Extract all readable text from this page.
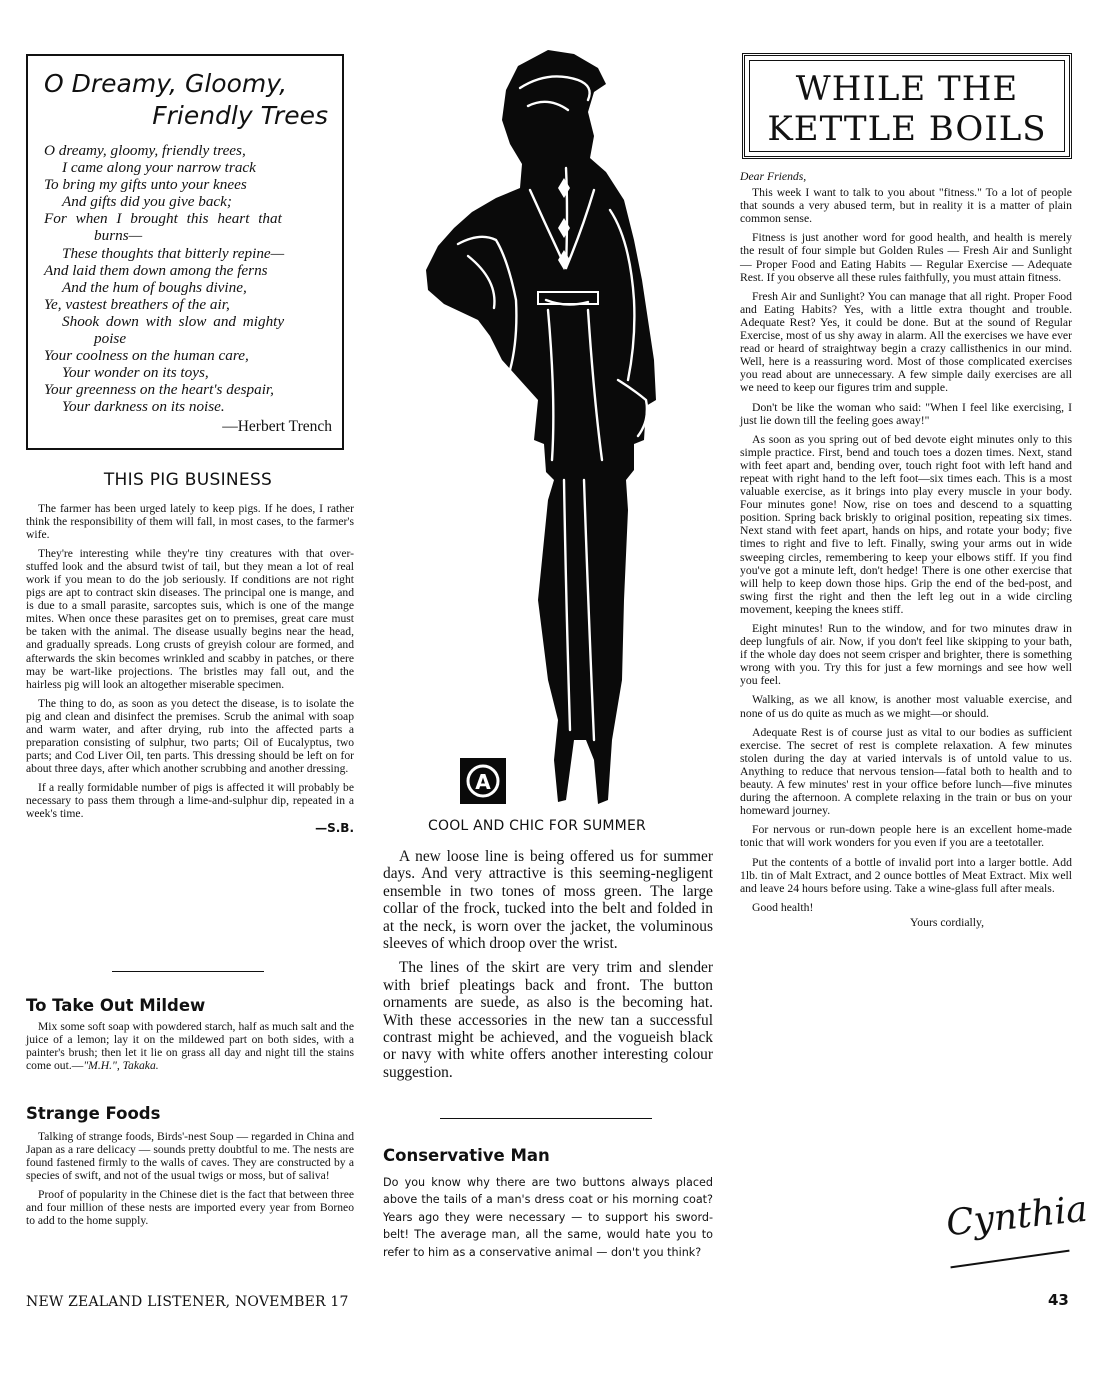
O Dreamy, Gloomy,
Friendly Trees
O dreamy, gloomy, friendly trees,
I came along your narrow track
To bring my gifts unto your knees
And gifts did you give back;
For when I brought this heart that
burns—
These thoughts that bitterly repine—
And laid them down among the ferns
And the hum of boughs divine,
Ye, vastest breathers of the air,
Shook down with slow and mighty
poise
Your coolness on the human care,
Your wonder on its toys,
Your greenness on the heart's despair,
Your darkness on its noise.
—Herbert Trench
THIS PIG BUSINESS

The farmer has been urged lately to keep pigs. If he does, I rather think the responsibility of them will fall, in most cases, to the farmer's wife.

They're interesting while they're tiny creatures with that over-stuffed look and the absurd twist of tail, but they mean a lot of real work if you mean to do the job seriously. If conditions are not right pigs are apt to contract skin diseases. The principal one is mange, and is due to a small parasite, sarcoptes suis, which is one of the mange mites. When once these parasites get on to premises, great care must be taken with the animal. The disease usually begins near the head, and gradually spreads. Long crusts of greyish colour are formed, and afterwards the skin becomes wrinkled and scabby in patches, or there may be wart-like projections. The bristles may fall out, and the hairless pig will look an altogether miserable specimen.

The thing to do, as soon as you detect the disease, is to isolate the pig and clean and disinfect the premises. Scrub the animal with soap and warm water, and after drying, rub into the affected parts a preparation consisting of sulphur, two parts; Oil of Eucalyptus, two parts; and Cod Liver Oil, ten parts. This dressing should be left on for about three days, after which another scrubbing and another dressing.

If a really formidable number of pigs is affected it will probably be necessary to pass them through a lime-and-sulphur dip, repeated in a week's time.

—S.B.
To Take Out Mildew

Mix some soft soap with powdered starch, half as much salt and the juice of a lemon; lay it on the mildewed part on both sides, with a painter's brush; then let it lie on grass all day and night till the stains come out.—"M.H.", Takaka.

Strange Foods

Talking of strange foods, Birds'-nest Soup — regarded in China and Japan as a rare delicacy — sounds pretty doubtful to me. The nests are found fastened firmly to the walls of caves. They are constructed by a species of swift, and not of the usual twigs or moss, but of saliva!

Proof of popularity in the Chinese diet is the fact that between three and four million of these nests are imported every year from Borneo to add to the home supply.

A
COOL AND CHIC FOR SUMMER

A new loose line is being offered us for summer days. And very attractive is this seeming-negligent ensemble in two tones of moss green. The large collar of the frock, tucked into the belt and folded in at the neck, is worn over the jacket, the voluminous sleeves of which droop over the wrist.

The lines of the skirt are very trim and slender with brief pleatings back and front. The button ornaments are suede, as also is the becoming hat. With these accessories in the new tan a successful contrast might be achieved, and the vogueish black or navy with white offers another interesting colour suggestion.

Conservative Man
Do you know why there are two buttons always placed above the tails of a man's dress coat or his morning coat? Years ago they were necessary — to support his sword-belt! The average man, all the same, would hate you to refer to him as a conservative animal — don't you think?
WHILE THE
KETTLE BOILS
Dear Friends,

This week I want to talk to you about "fitness." To a lot of people that sounds a very abused term, but in reality it is a matter of plain common sense.

Fitness is just another word for good health, and health is merely the result of four simple but Golden Rules — Fresh Air and Sunlight — Proper Food and Eating Habits — Regular Exercise — Adequate Rest. If you observe all these rules faithfully, you must attain fitness.

Fresh Air and Sunlight? You can manage that all right. Proper Food and Eating Habits? Yes, with a little extra thought and trouble. Adequate Rest? Yes, it could be done. But at the sound of Regular Exercise, most of us shy away in alarm. All the exercises we have ever read or heard of straightway begin a crazy callisthenics in our mind. Well, here is a reassuring word. Most of those complicated exercises you read about are unnecessary. A few simple daily exercises are all we need to keep our figures trim and supple.

Don't be like the woman who said: "When I feel like exercising, I just lie down till the feeling goes away!"

As soon as you spring out of bed devote eight minutes only to this simple practice. First, bend and touch toes a dozen times. Next, stand with feet apart and, bending over, touch right foot with left hand and repeat with right hand to the left foot—six times each. This is a most valuable exercise, as it brings into play every muscle in your body. Four minutes gone! Now, rise on toes and descend to a squatting position. Spring back briskly to original position, repeating six times. Next stand with feet apart, hands on hips, and rotate your body; five times to right and five to left. Finally, swing your arms out in wide sweeping circles, remembering to keep your elbows stiff. If you find you've got a minute left, don't hedge! There is one other exercise that will help to keep down those hips. Grip the end of the bed-post, and swing first the right and then the left leg out in a wide circling movement, keeping the knees stiff.

Eight minutes! Run to the window, and for two minutes draw in deep lungfuls of air. Now, if you don't feel like skipping to your bath, if the whole day does not seem crisper and brighter, there is something wrong with you. Try this for just a few mornings and see how well you feel.

Walking, as we all know, is another most valuable exercise, and none of us do quite as much as we might—or should.

Adequate Rest is of course just as vital to our bodies as sufficient exercise. The secret of rest is complete relaxation. A few minutes stolen during the day at varied intervals is of untold value to us. Anything to reduce that nervous tension—fatal both to health and to beauty. A few minutes' rest in your office before lunch—five minutes during the afternoon. A complete relaxing in the train or bus on your homeward journey.

For nervous or run-down people here is an excellent home-made tonic that will work wonders for you even if you are a teetotaller.

Put the contents of a bottle of invalid port into a larger bottle. Add 1lb. tin of Malt Extract, and 2 ounce bottles of Meat Extract. Mix well and leave 24 hours before using. Take a wine-glass full after meals.

Good health!

Yours cordially,
Cynthia
NEW ZEALAND LISTENER, NOVEMBER 17	43
